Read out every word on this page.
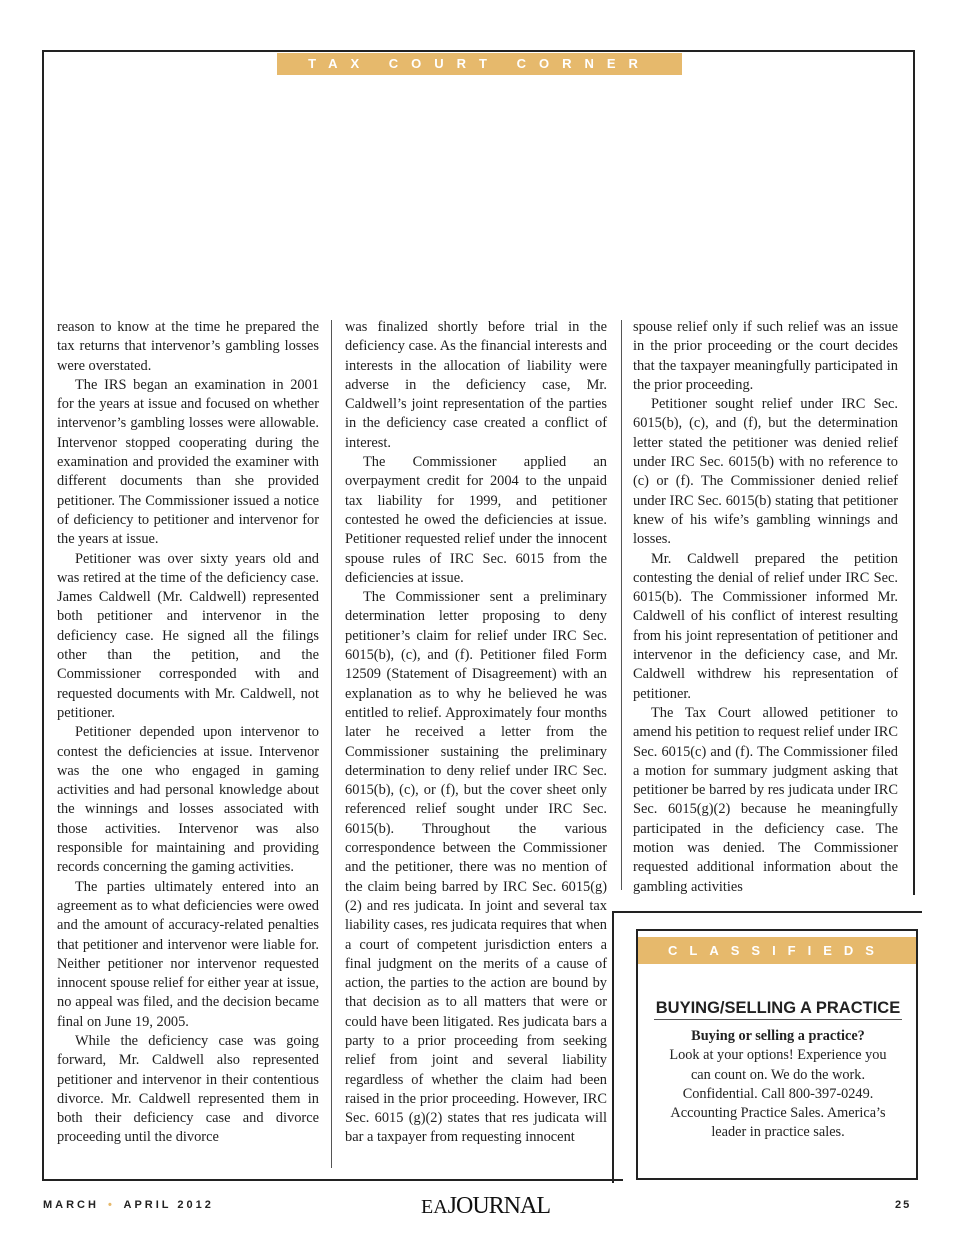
TAX COURT CORNER

reason to know at the time he prepared the tax returns that intervenor’s gambling losses were overstated.

The IRS began an examination in 2001 for the years at issue and focused on whether intervenor’s gambling losses were allowable. Intervenor stopped cooperating during the examination and provided the examiner with different documents than she provided petitioner. The Commissioner issued a notice of deficiency to petitioner and intervenor for the years at issue.

Petitioner was over sixty years old and was retired at the time of the deficiency case. James Caldwell (Mr. Caldwell) represented both petitioner and intervenor in the deficiency case. He signed all the filings other than the petition, and the Commissioner corresponded with and requested documents with Mr. Caldwell, not petitioner.

Petitioner depended upon intervenor to contest the deficiencies at issue. Intervenor was the one who engaged in gaming activities and had personal knowledge about the winnings and losses associated with those activities. Intervenor was also responsible for maintaining and providing records concerning the gaming activities.

The parties ultimately entered into an agreement as to what deficiencies were owed and the amount of accuracy-related penalties that petitioner and intervenor were liable for. Neither petitioner nor intervenor requested innocent spouse relief for either year at issue, no appeal was filed, and the decision became final on June 19, 2005.

While the deficiency case was going forward, Mr. Caldwell also represented petitioner and intervenor in their contentious divorce. Mr. Caldwell represented them in both their deficiency case and divorce proceeding until the divorce

was finalized shortly before trial in the deficiency case. As the financial interests and interests in the allocation of liability were adverse in the deficiency case, Mr. Caldwell’s joint representation of the parties in the deficiency case created a conflict of interest.

The Commissioner applied an overpayment credit for 2004 to the unpaid tax liability for 1999, and petitioner contested he owed the deficiencies at issue. Petitioner requested relief under the innocent spouse rules of IRC Sec. 6015 from the deficiencies at issue.

The Commissioner sent a preliminary determination letter proposing to deny petitioner’s claim for relief under IRC Sec. 6015(b), (c), and (f). Petitioner filed Form 12509 (Statement of Disagreement) with an explanation as to why he believed he was entitled to relief. Approximately four months later he received a letter from the Commissioner sustaining the preliminary determination to deny relief under IRC Sec. 6015(b), (c), or (f), but the cover sheet only referenced relief sought under IRC Sec. 6015(b). Throughout the various correspondence between the Commissioner and the petitioner, there was no mention of the claim being barred by IRC Sec. 6015(g)(2) and res judicata. In joint and several tax liability cases, res judicata requires that when a court of competent jurisdiction enters a final judgment on the merits of a cause of action, the parties to the action are bound by that decision as to all matters that were or could have been litigated. Res judicata bars a party to a prior proceeding from seeking relief from joint and several liability regardless of whether the claim had been raised in the prior proceeding. However, IRC Sec. 6015 (g)(2) states that res judicata will bar a taxpayer from requesting innocent

spouse relief only if such relief was an issue in the prior proceeding or the court decides that the taxpayer meaningfully participated in the prior proceeding.

Petitioner sought relief under IRC Sec. 6015(b), (c), and (f), but the determination letter stated the petitioner was denied relief under IRC Sec. 6015(b) with no reference to (c) or (f). The Commissioner denied relief under IRC Sec. 6015(b) stating that petitioner knew of his wife’s gambling winnings and losses.

Mr. Caldwell prepared the petition contesting the denial of relief under IRC Sec. 6015(b). The Commissioner informed Mr. Caldwell of his conflict of interest resulting from his joint representation of petitioner and intervenor in the deficiency case, and Mr. Caldwell withdrew his representation of petitioner.

The Tax Court allowed petitioner to amend his petition to request relief under IRC Sec. 6015(c) and (f). The Commissioner filed a motion for summary judgment asking that petitioner be barred by res judicata under IRC Sec. 6015(g)(2) because he meaningfully participated in the deficiency case. The motion was denied. The Commissioner requested additional information about the gambling activities

CLASSIFIEDS
BUYING/SELLING A PRACTICE
Buying or selling a practice?
Look at your options! Experience you can count on. We do the work. Confidential. Call 800-397-0249. Accounting Practice Sales. America’s leader in practice sales.
MARCH • APRIL 2012	EAJOURNAL	25
